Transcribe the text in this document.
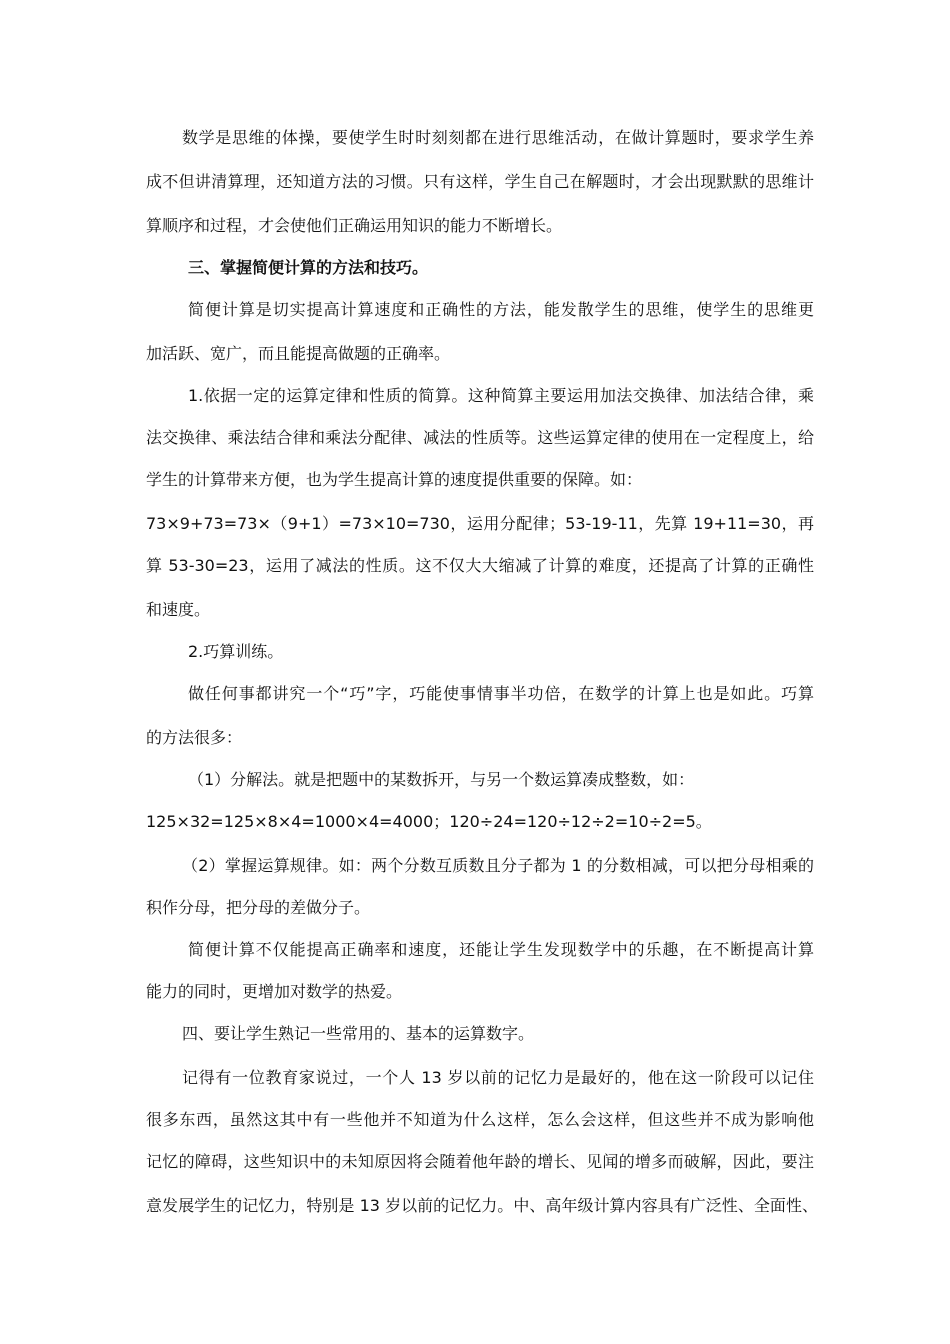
数学是思维的体操，要使学生时时刻刻都在进行思维活动，在做计算题时，要求学生养
成不但讲清算理，还知道方法的习惯。只有这样，学生自己在解题时，才会出现默默的思维计
算顺序和过程，才会使他们正确运用知识的能力不断增长。
三、掌握简便计算的方法和技巧。
简便计算是切实提高计算速度和正确性的方法，能发散学生的思维，使学生的思维更
加活跃、宽广，而且能提高做题的正确率。
1.依据一定的运算定律和性质的简算。这种简算主要运用加法交换律、加法结合律，乘
法交换律、乘法结合律和乘法分配律、减法的性质等。这些运算定律的使用在一定程度上，给
学生的计算带来方便，也为学生提高计算的速度提供重要的保障。如：
73×9+73=73×（9+1）=73×10=730，运用分配律；53-19-11，先算 19+11=30，再
算 53-30=23，运用了减法的性质。这不仅大大缩减了计算的难度，还提高了计算的正确性
和速度。
2.巧算训练。
做任何事都讲究一个“巧”字，巧能使事情事半功倍，在数学的计算上也是如此。巧算
的方法很多：
（1）分解法。就是把题中的某数拆开，与另一个数运算凑成整数，如：
125×32=125×8×4=1000×4=4000；120÷24=120÷12÷2=10÷2=5。
（2）掌握运算规律。如：两个分数互质数且分子都为 1 的分数相减，可以把分母相乘的
积作分母，把分母的差做分子。
简便计算不仅能提高正确率和速度，还能让学生发现数学中的乐趣，在不断提高计算
能力的同时，更增加对数学的热爱。
四、要让学生熟记一些常用的、基本的运算数字。
记得有一位教育家说过，一个人 13 岁以前的记忆力是最好的，他在这一阶段可以记住
很多东西，虽然这其中有一些他并不知道为什么这样，怎么会这样，但这些并不成为影响他
记忆的障碍，这些知识中的未知原因将会随着他年龄的增长、见闻的增多而破解，因此，要注
意发展学生的记忆力，特别是 13 岁以前的记忆力。中、高年级计算内容具有广泛性、全面性、
